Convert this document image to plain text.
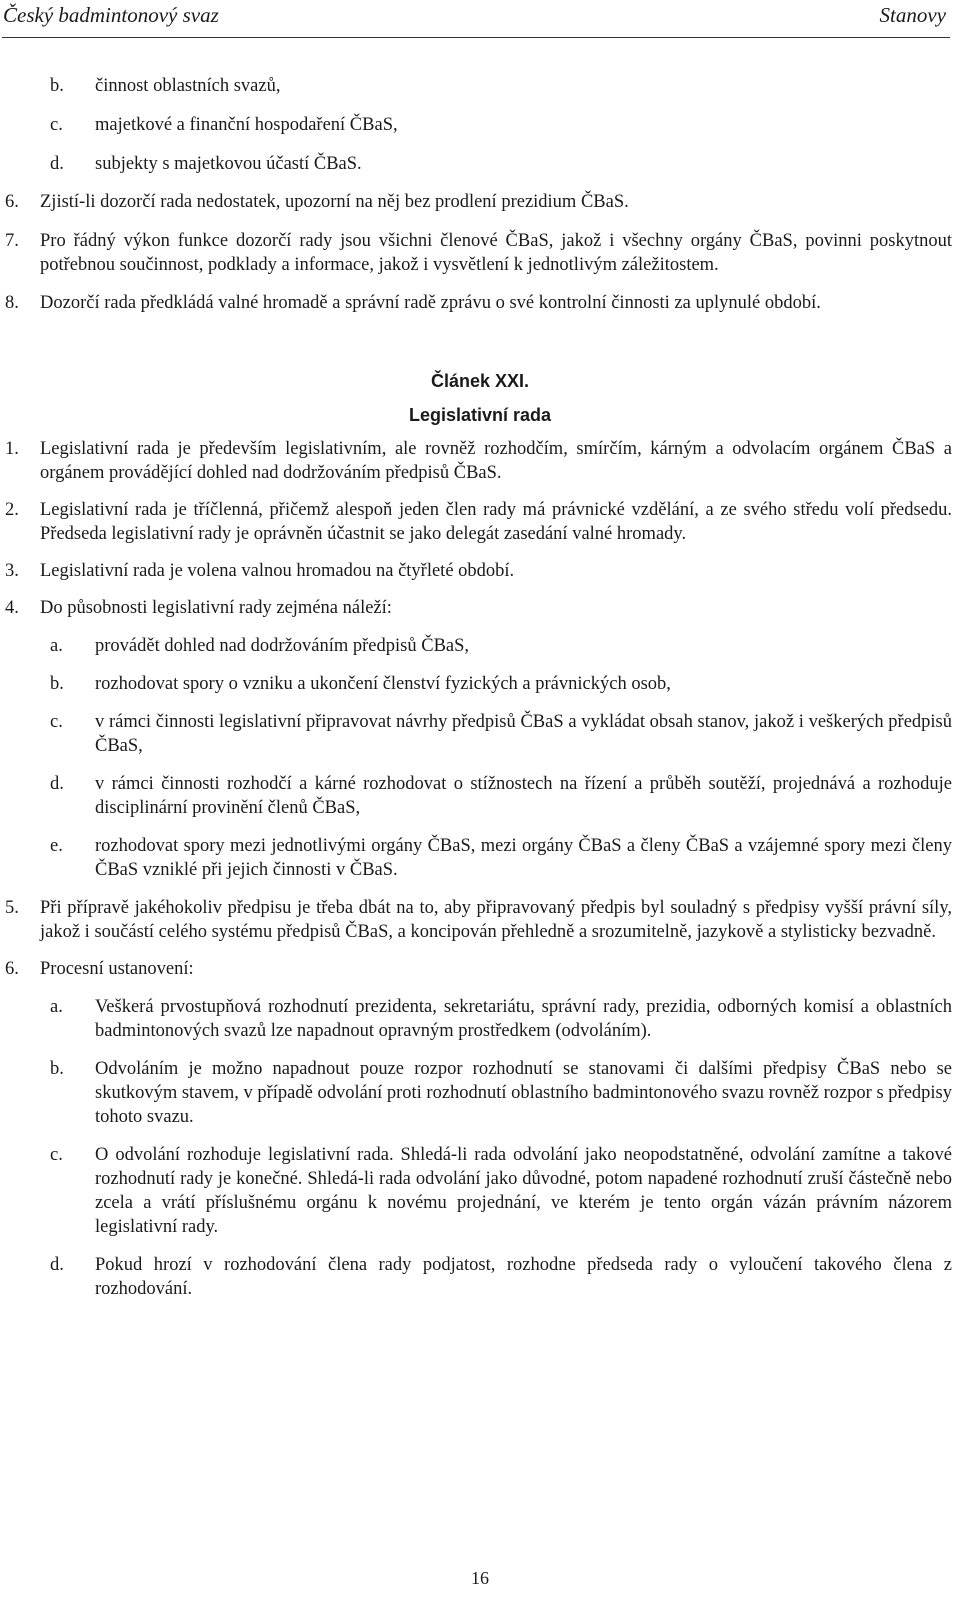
Český badmintonový svaz	Stanovy
b. činnost oblastních svazů,
c. majetkové a finanční hospodaření ČBaS,
d. subjekty s majetkovou účastí ČBaS.
6. Zjistí-li dozorčí rada nedostatek, upozorní na něj bez prodlení prezidium ČBaS.
7. Pro řádný výkon funkce dozorčí rady jsou všichni členové ČBaS, jakož i všechny orgány ČBaS, povinni poskytnout potřebnou součinnost, podklady a informace, jakož i vysvětlení k jednotlivým záležitostem.
8. Dozorčí rada předkládá valné hromadě a správní radě zprávu o své kontrolní činnosti za uplynulé období.
Článek XXI.
Legislativní rada
1. Legislativní rada je především legislativním, ale rovněž rozhodčím, smírčím, kárným a odvolacím orgánem ČBaS a orgánem provádějící dohled nad dodržováním předpisů ČBaS.
2. Legislativní rada je tříčlenná, přičemž alespoň jeden člen rady má právnické vzdělání, a ze svého středu volí předsedu. Předseda legislativní rady je oprávněn účastnit se jako delegát zasedání valné hromady.
3. Legislativní rada je volena valnou hromadou na čtyřleté období.
4. Do působnosti legislativní rady zejména náleží:
a. provádět dohled nad dodržováním předpisů ČBaS,
b. rozhodovat spory o vzniku a ukončení členství fyzických a právnických osob,
c. v rámci činnosti legislativní připravovat návrhy předpisů ČBaS a vykládat obsah stanov, jakož i veškerých předpisů ČBaS,
d. v rámci činnosti rozhodčí a kárné rozhodovat o stížnostech na řízení a průběh soutěží, projednává a rozhoduje disciplinární provinění členů ČBaS,
e. rozhodovat spory mezi jednotlivými orgány ČBaS, mezi orgány ČBaS a členy ČBaS a vzájemné spory mezi členy ČBaS vzniklé při jejich činnosti v ČBaS.
5. Při přípravě jakéhokoliv předpisu je třeba dbát na to, aby připravovaný předpis byl souladný s předpisy vyšší právní síly, jakož i součástí celého systému předpisů ČBaS, a koncipován přehledně a srozumitelně, jazykově a stylisticky bezvadně.
6. Procesní ustanovení:
a. Veškerá prvostupňová rozhodnutí prezidenta, sekretariátu, správní rady, prezidia, odborných komisí a oblastních badmintonových svazů lze napadnout opravným prostředkem (odvoláním).
b. Odvoláním je možno napadnout pouze rozpor rozhodnutí se stanovami či dalšími předpisy ČBaS nebo se skutkovým stavem, v případě odvolání proti rozhodnutí oblastního badmintonového svazu rovněž rozpor s předpisy tohoto svazu.
c. O odvolání rozhoduje legislativní rada. Shledá-li rada odvolání jako neopodstatněné, odvolání zamítne a takové rozhodnutí rady je konečné. Shledá-li rada odvolání jako důvodné, potom napadené rozhodnutí zruší částečně nebo zcela a vrátí příslušnému orgánu k novému projednání, ve kterém je tento orgán vázán právním názorem legislativní rady.
d. Pokud hrozí v rozhodování člena rady podjatost, rozhodne předseda rady o vyloučení takového člena z rozhodování.
16
